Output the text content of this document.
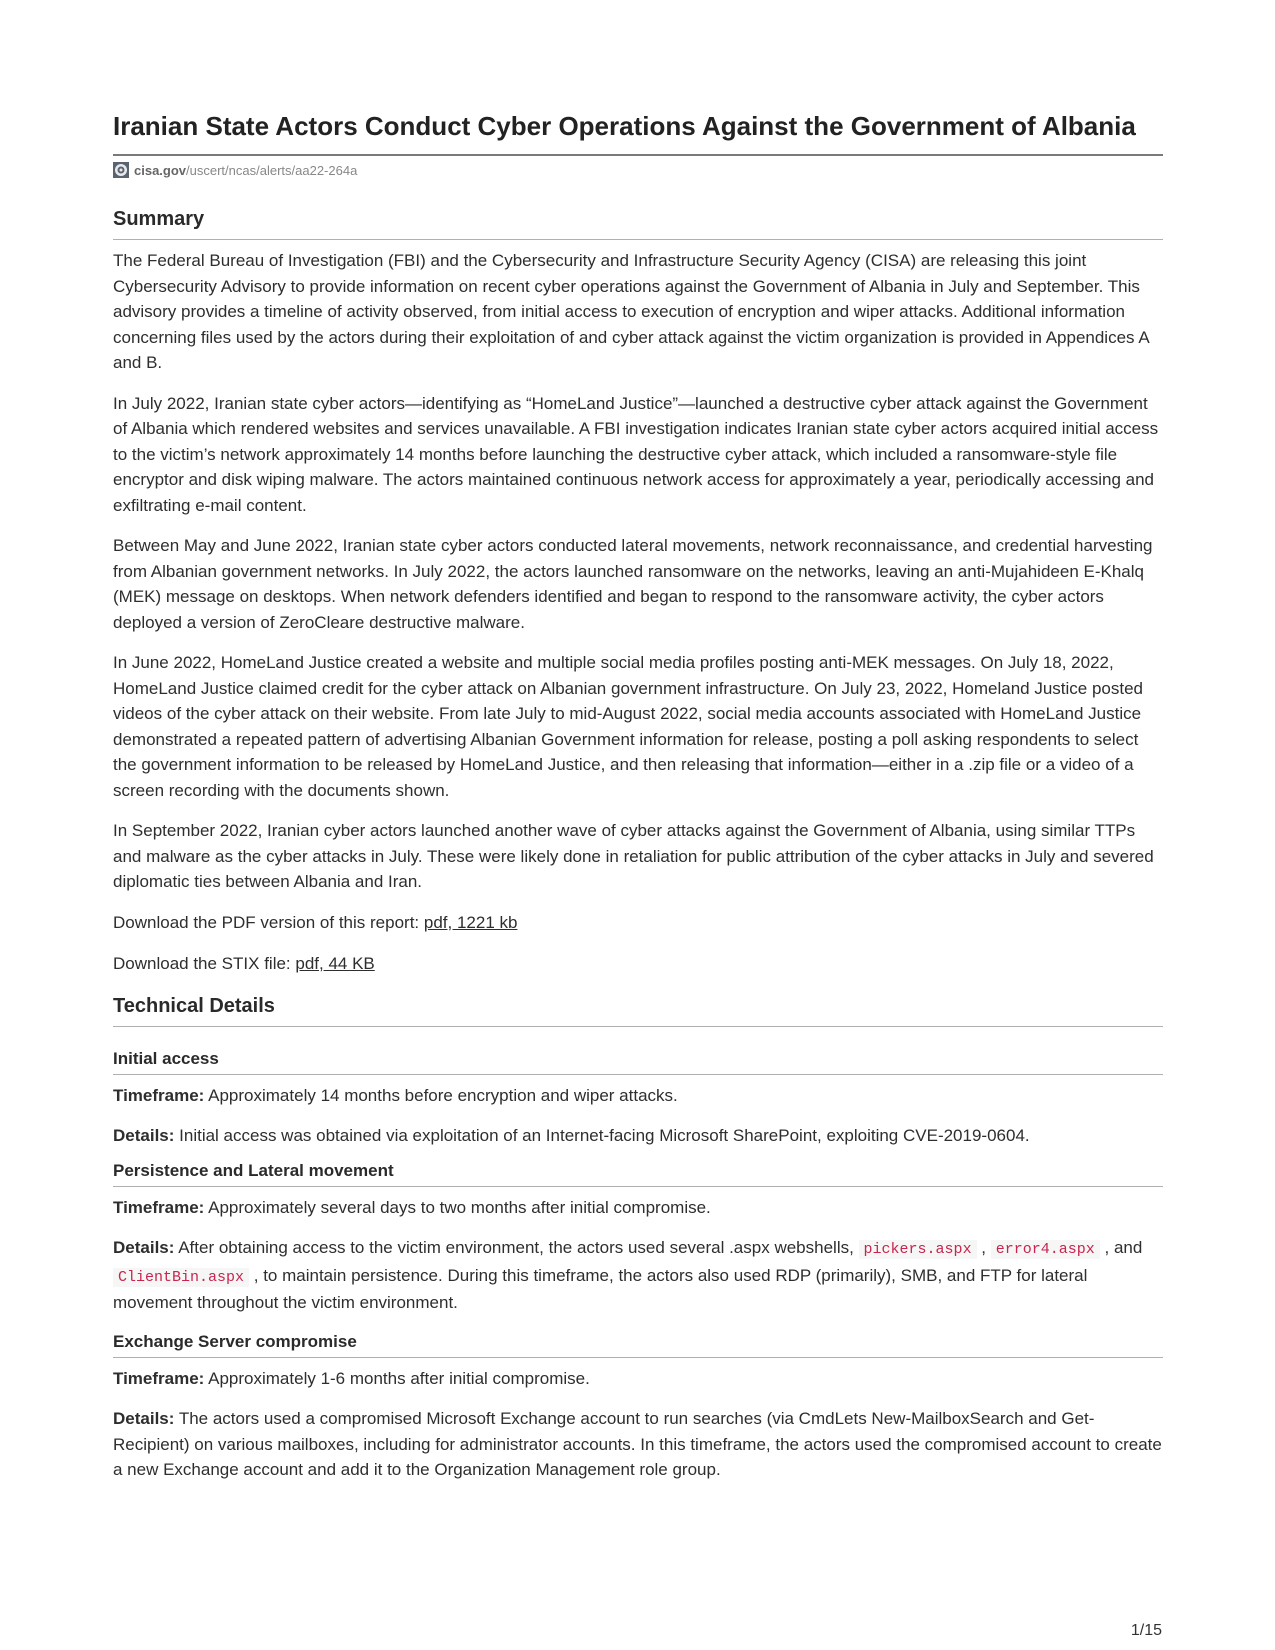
Iranian State Actors Conduct Cyber Operations Against the Government of Albania
cisa.gov/uscert/ncas/alerts/aa22-264a
Summary

The Federal Bureau of Investigation (FBI) and the Cybersecurity and Infrastructure Security Agency (CISA) are releasing this joint Cybersecurity Advisory to provide information on recent cyber operations against the Government of Albania in July and September. This advisory provides a timeline of activity observed, from initial access to execution of encryption and wiper attacks. Additional information concerning files used by the actors during their exploitation of and cyber attack against the victim organization is provided in Appendices A and B.

In July 2022, Iranian state cyber actors—identifying as “HomeLand Justice”—launched a destructive cyber attack against the Government of Albania which rendered websites and services unavailable. A FBI investigation indicates Iranian state cyber actors acquired initial access to the victim’s network approximately 14 months before launching the destructive cyber attack, which included a ransomware-style file encryptor and disk wiping malware. The actors maintained continuous network access for approximately a year, periodically accessing and exfiltrating e-mail content.

Between May and June 2022, Iranian state cyber actors conducted lateral movements, network reconnaissance, and credential harvesting from Albanian government networks. In July 2022, the actors launched ransomware on the networks, leaving an anti-Mujahideen E-Khalq (MEK) message on desktops. When network defenders identified and began to respond to the ransomware activity, the cyber actors deployed a version of ZeroCleare destructive malware.

In June 2022, HomeLand Justice created a website and multiple social media profiles posting anti-MEK messages. On July 18, 2022, HomeLand Justice claimed credit for the cyber attack on Albanian government infrastructure. On July 23, 2022, Homeland Justice posted videos of the cyber attack on their website. From late July to mid-August 2022, social media accounts associated with HomeLand Justice demonstrated a repeated pattern of advertising Albanian Government information for release, posting a poll asking respondents to select the government information to be released by HomeLand Justice, and then releasing that information—either in a .zip file or a video of a screen recording with the documents shown.

In September 2022, Iranian cyber actors launched another wave of cyber attacks against the Government of Albania, using similar TTPs and malware as the cyber attacks in July. These were likely done in retaliation for public attribution of the cyber attacks in July and severed diplomatic ties between Albania and Iran.

Download the PDF version of this report: pdf, 1221 kb

Download the STIX file: pdf, 44 KB

Technical Details
Initial access

Timeframe: Approximately 14 months before encryption and wiper attacks.

Details: Initial access was obtained via exploitation of an Internet-facing Microsoft SharePoint, exploiting CVE-2019-0604.

Persistence and Lateral movement

Timeframe: Approximately several days to two months after initial compromise.

Details: After obtaining access to the victim environment, the actors used several .aspx webshells, pickers.aspx , error4.aspx , and ClientBin.aspx , to maintain persistence. During this timeframe, the actors also used RDP (primarily), SMB, and FTP for lateral movement throughout the victim environment.

Exchange Server compromise

Timeframe: Approximately 1-6 months after initial compromise.

Details: The actors used a compromised Microsoft Exchange account to run searches (via CmdLets New-MailboxSearch and Get-Recipient) on various mailboxes, including for administrator accounts. In this timeframe, the actors used the compromised account to create a new Exchange account and add it to the Organization Management role group.

1/15
